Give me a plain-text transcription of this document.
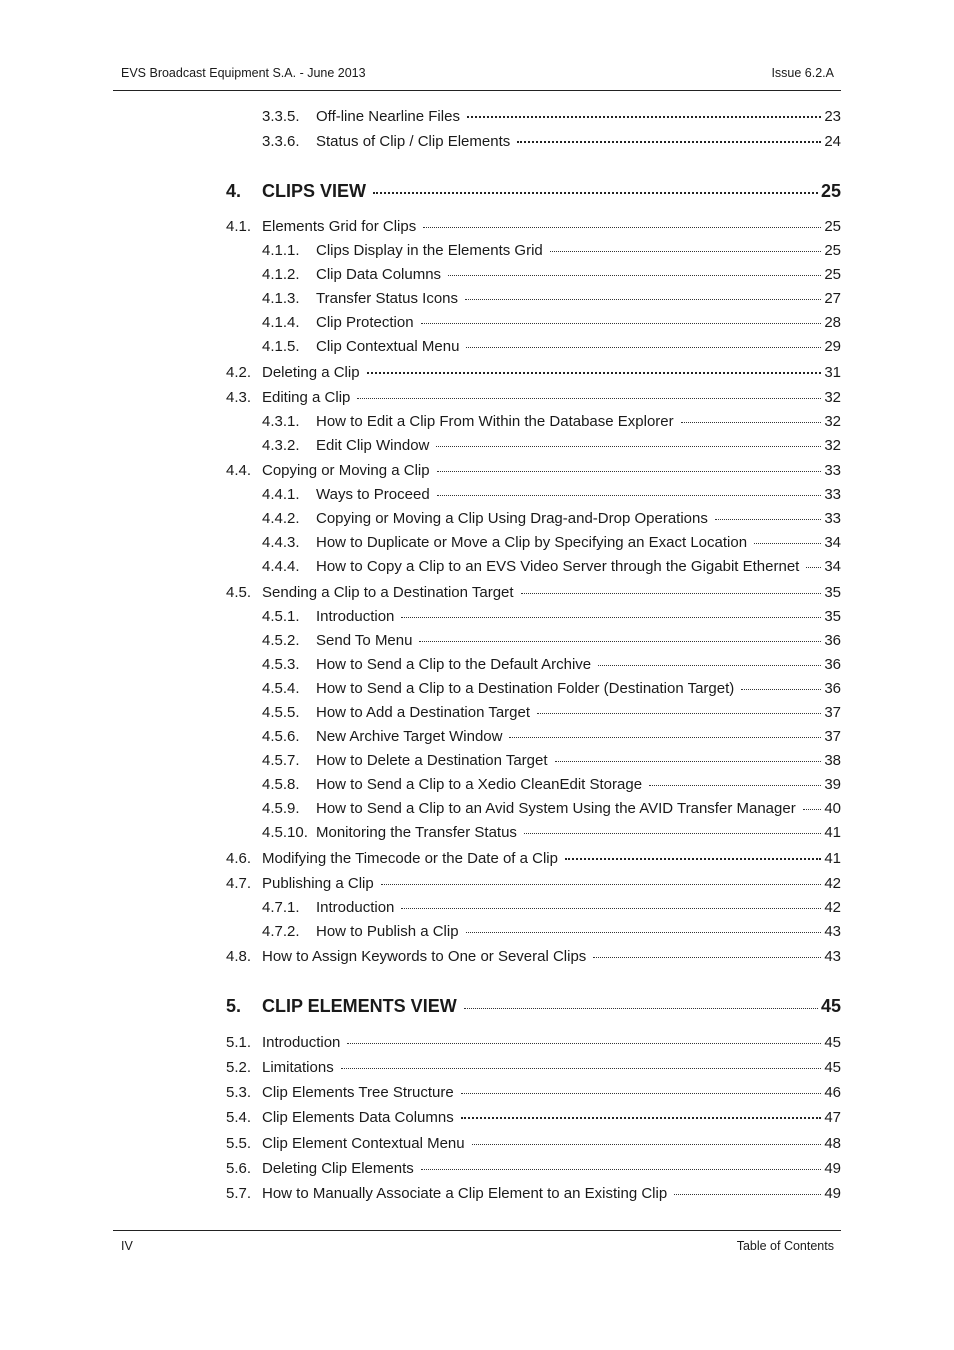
EVS Broadcast Equipment S.A. - June 2013	Issue 6.2.A
3.3.5.	Off-line Nearline Files	23
3.3.6.	Status of Clip / Clip Elements	24
4.	CLIPS VIEW	25
4.1. Elements Grid for Clips	25
4.1.1.	Clips Display in the Elements Grid	25
4.1.2.	Clip Data Columns	25
4.1.3.	Transfer Status Icons	27
4.1.4.	Clip Protection	28
4.1.5.	Clip Contextual Menu	29
4.2. Deleting a Clip	31
4.3. Editing a Clip	32
4.3.1.	How to Edit a Clip From Within the Database Explorer	32
4.3.2.	Edit Clip Window	32
4.4. Copying or Moving a Clip	33
4.4.1.	Ways to Proceed	33
4.4.2.	Copying or Moving a Clip Using Drag-and-Drop Operations	33
4.4.3.	How to Duplicate or Move a Clip by Specifying an Exact Location	34
4.4.4.	How to Copy a Clip to an EVS Video Server through the Gigabit Ethernet 34
4.5. Sending a Clip to a Destination Target	35
4.5.1.	Introduction	35
4.5.2.	Send To Menu	36
4.5.3.	How to Send a Clip to the Default Archive	36
4.5.4.	How to Send a Clip to a Destination Folder (Destination Target)	36
4.5.5.	How to Add a Destination Target	37
4.5.6.	New Archive Target Window	37
4.5.7.	How to Delete a Destination Target	38
4.5.8.	How to Send a Clip to a Xedio CleanEdit Storage	39
4.5.9.	How to Send a Clip to an Avid System Using the AVID Transfer Manager 40
4.5.10. Monitoring the Transfer Status	41
4.6. Modifying the Timecode or the Date of a Clip	41
4.7. Publishing a Clip	42
4.7.1.	Introduction	42
4.7.2.	How to Publish a Clip	43
4.8. How to Assign Keywords to One or Several Clips	43
5.	CLIP ELEMENTS VIEW	45
5.1. Introduction	45
5.2. Limitations	45
5.3. Clip Elements Tree Structure	46
5.4. Clip Elements Data Columns	47
5.5. Clip Element Contextual Menu	48
5.6. Deleting Clip Elements	49
5.7. How to Manually Associate a Clip Element to an Existing Clip	49
IV	Table of Contents
